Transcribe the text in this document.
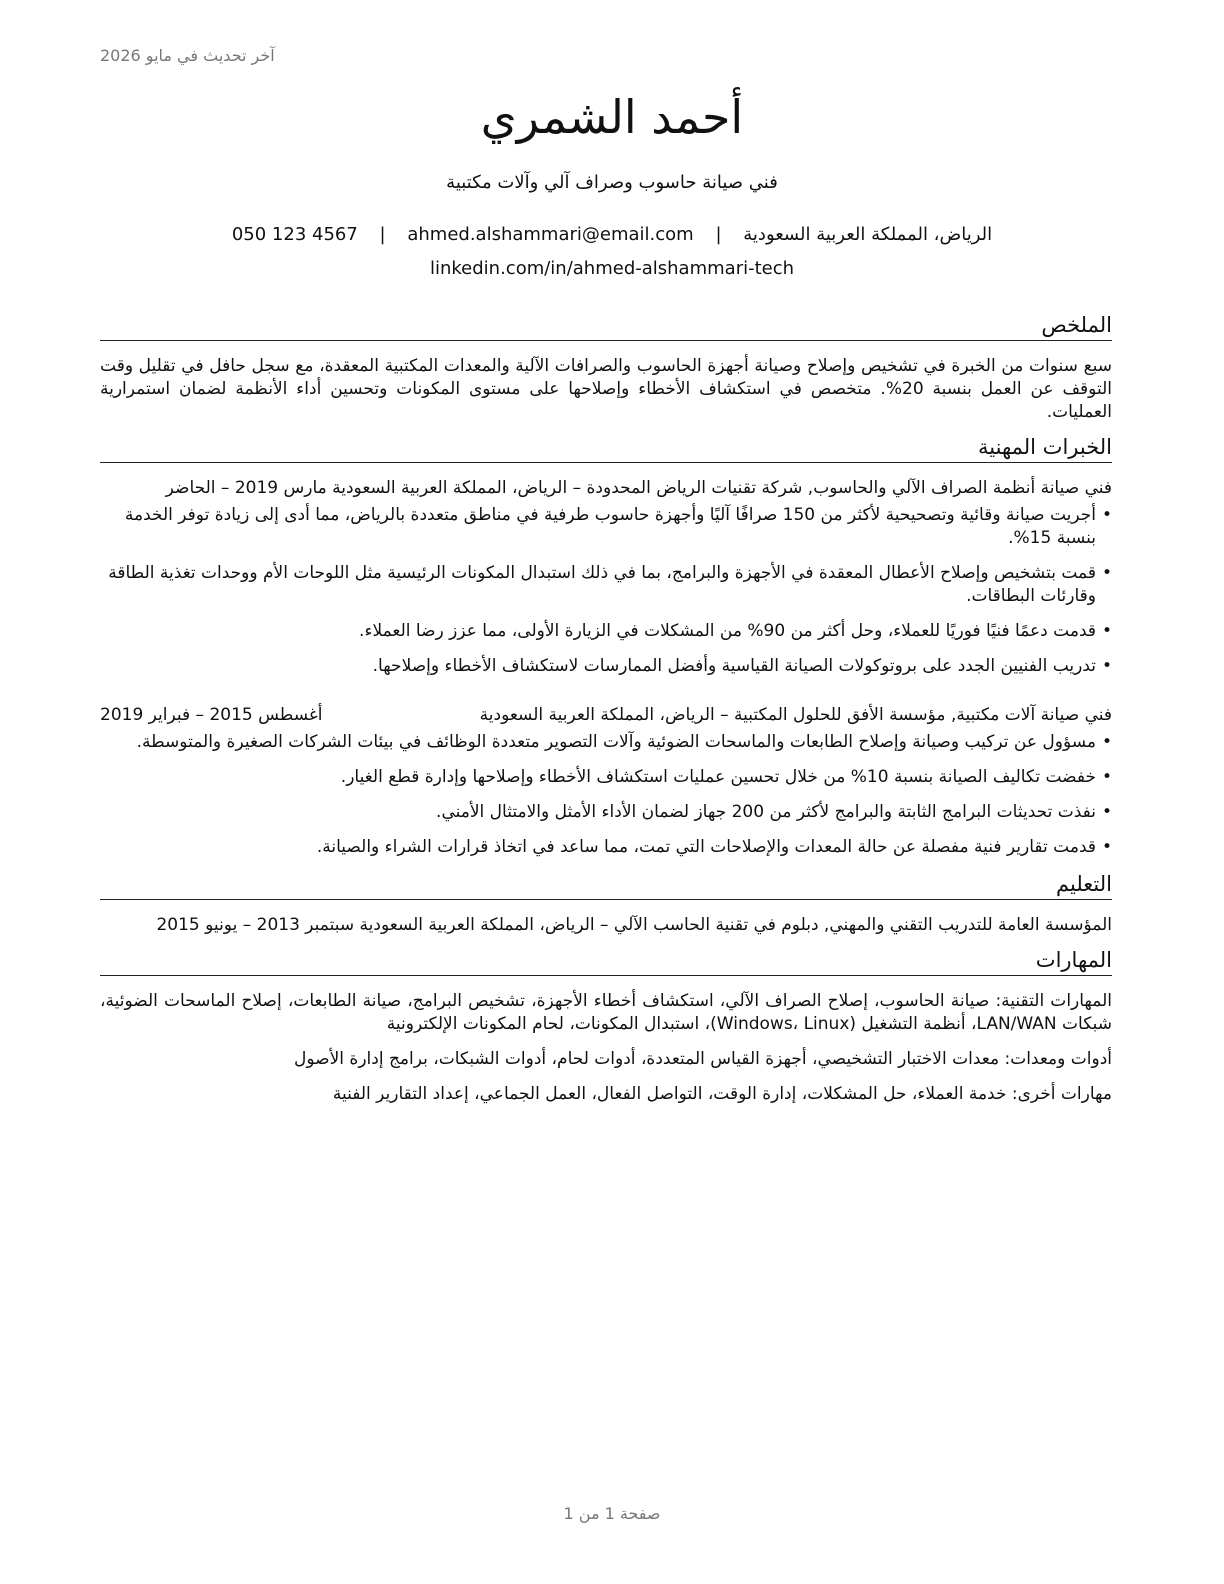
آخر تحديث في مايو 2026
أحمد الشمري
فني صيانة حاسوب وصراف آلي وآلات مكتبية
الرياض، المملكة العربية السعودية | ahmed.alshammari@email.com | 050 123 4567
linkedin.com/in/ahmed-alshammari-tech
الملخص

سبع سنوات من الخبرة في تشخيص وإصلاح وصيانة أجهزة الحاسوب والصرافات الآلية والمعدات المكتبية المعقدة، مع سجل حافل في تقليل وقت التوقف عن العمل بنسبة 20%. متخصص في استكشاف الأخطاء وإصلاحها على مستوى المكونات وتحسين أداء الأنظمة لضمان استمرارية العمليات.

الخبرات المهنية
فني صيانة أنظمة الصراف الآلي والحاسوب, شركة تقنيات الرياض المحدودة – الرياض، المملكة العربية السعودية مارس 2019 – الحاضر
• أجريت صيانة وقائية وتصحيحية لأكثر من 150 صرافًا آليًا وأجهزة حاسوب طرفية في مناطق متعددة بالرياض، مما أدى إلى زيادة توفر الخدمة بنسبة 15%.
• قمت بتشخيص وإصلاح الأعطال المعقدة في الأجهزة والبرامج، بما في ذلك استبدال المكونات الرئيسية مثل اللوحات الأم ووحدات تغذية الطاقة وقارئات البطاقات.
• قدمت دعمًا فنيًا فوريًا للعملاء، وحل أكثر من 90% من المشكلات في الزيارة الأولى، مما عزز رضا العملاء.
• تدريب الفنيين الجدد على بروتوكولات الصيانة القياسية وأفضل الممارسات لاستكشاف الأخطاء وإصلاحها.
فني صيانة آلات مكتبية, مؤسسة الأفق للحلول المكتبية – الرياض، المملكة العربية السعودية
أغسطس 2015 – فبراير 2019
• مسؤول عن تركيب وصيانة وإصلاح الطابعات والماسحات الضوئية وآلات التصوير متعددة الوظائف في بيئات الشركات الصغيرة والمتوسطة.
• خفضت تكاليف الصيانة بنسبة 10% من خلال تحسين عمليات استكشاف الأخطاء وإصلاحها وإدارة قطع الغيار.
• نفذت تحديثات البرامج الثابتة والبرامج لأكثر من 200 جهاز لضمان الأداء الأمثل والامتثال الأمني.
• قدمت تقارير فنية مفصلة عن حالة المعدات والإصلاحات التي تمت، مما ساعد في اتخاذ قرارات الشراء والصيانة.
التعليم
المؤسسة العامة للتدريب التقني والمهني, دبلوم في تقنية الحاسب الآلي – الرياض، المملكة العربية السعودية سبتمبر 2013 – يونيو 2015
المهارات

المهارات التقنية: صيانة الحاسوب، إصلاح الصراف الآلي، استكشاف أخطاء الأجهزة، تشخيص البرامج، صيانة الطابعات، إصلاح الماسحات الضوئية، شبكات LAN/WAN، أنظمة التشغيل (Windows، Linux)، استبدال المكونات، لحام المكونات الإلكترونية

أدوات ومعدات: معدات الاختبار التشخيصي، أجهزة القياس المتعددة، أدوات لحام، أدوات الشبكات، برامج إدارة الأصول

مهارات أخرى: خدمة العملاء، حل المشكلات، إدارة الوقت، التواصل الفعال، العمل الجماعي، إعداد التقارير الفنية

صفحة 1 من 1
